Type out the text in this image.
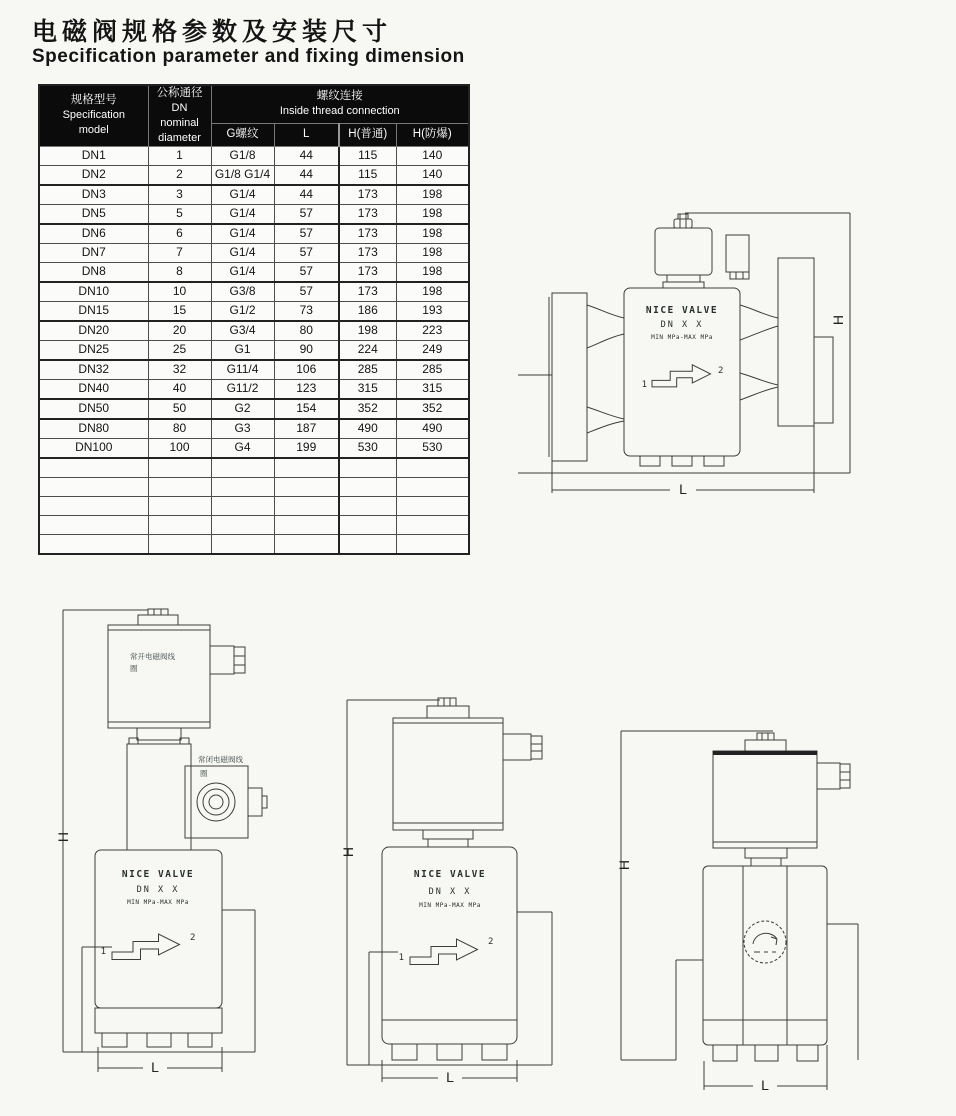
电磁阀规格参数及安装尺寸
Specification parameter and fixing dimension
规格型号
Specification
model	公称通径
DN
nominal
diameter	螺纹连接
Inside thread connection			
		G螺纹	L	H(普通)	H(防爆)
DN1	1	G1/8	44	115	140
DN2	2	G1/8 G1/4	44	115	140
DN3	3	G1/4	44	173	198
DN5	5	G1/4	57	173	198
DN6	6	G1/4	57	173	198
DN7	7	G1/4	57	173	198
DN8	8	G1/4	57	173	198
DN10	10	G3/8	57	173	198
DN15	15	G1/2	73	186	193
DN20	20	G3/4	80	198	223
DN25	25	G1	90	224	249
DN32	32	G11/4	106	285	285
DN40	40	G11/2	123	315	315
DN50	50	G2	154	352	352
DN80	80	G3	187	490	490
DN100	100	G4	199	530	530

H
L
NICE VALVE
DN X X
MIN MPa-MAX MPa
1
2
H
L
常开电磁阀线
圈
常闭电磁阀线
圈
NICE VALVE
DN X X
MIN MPa-MAX MPa
1
2
H
L
NICE VALVE
DN X X
MIN MPa-MAX MPa
1
2
H
L
